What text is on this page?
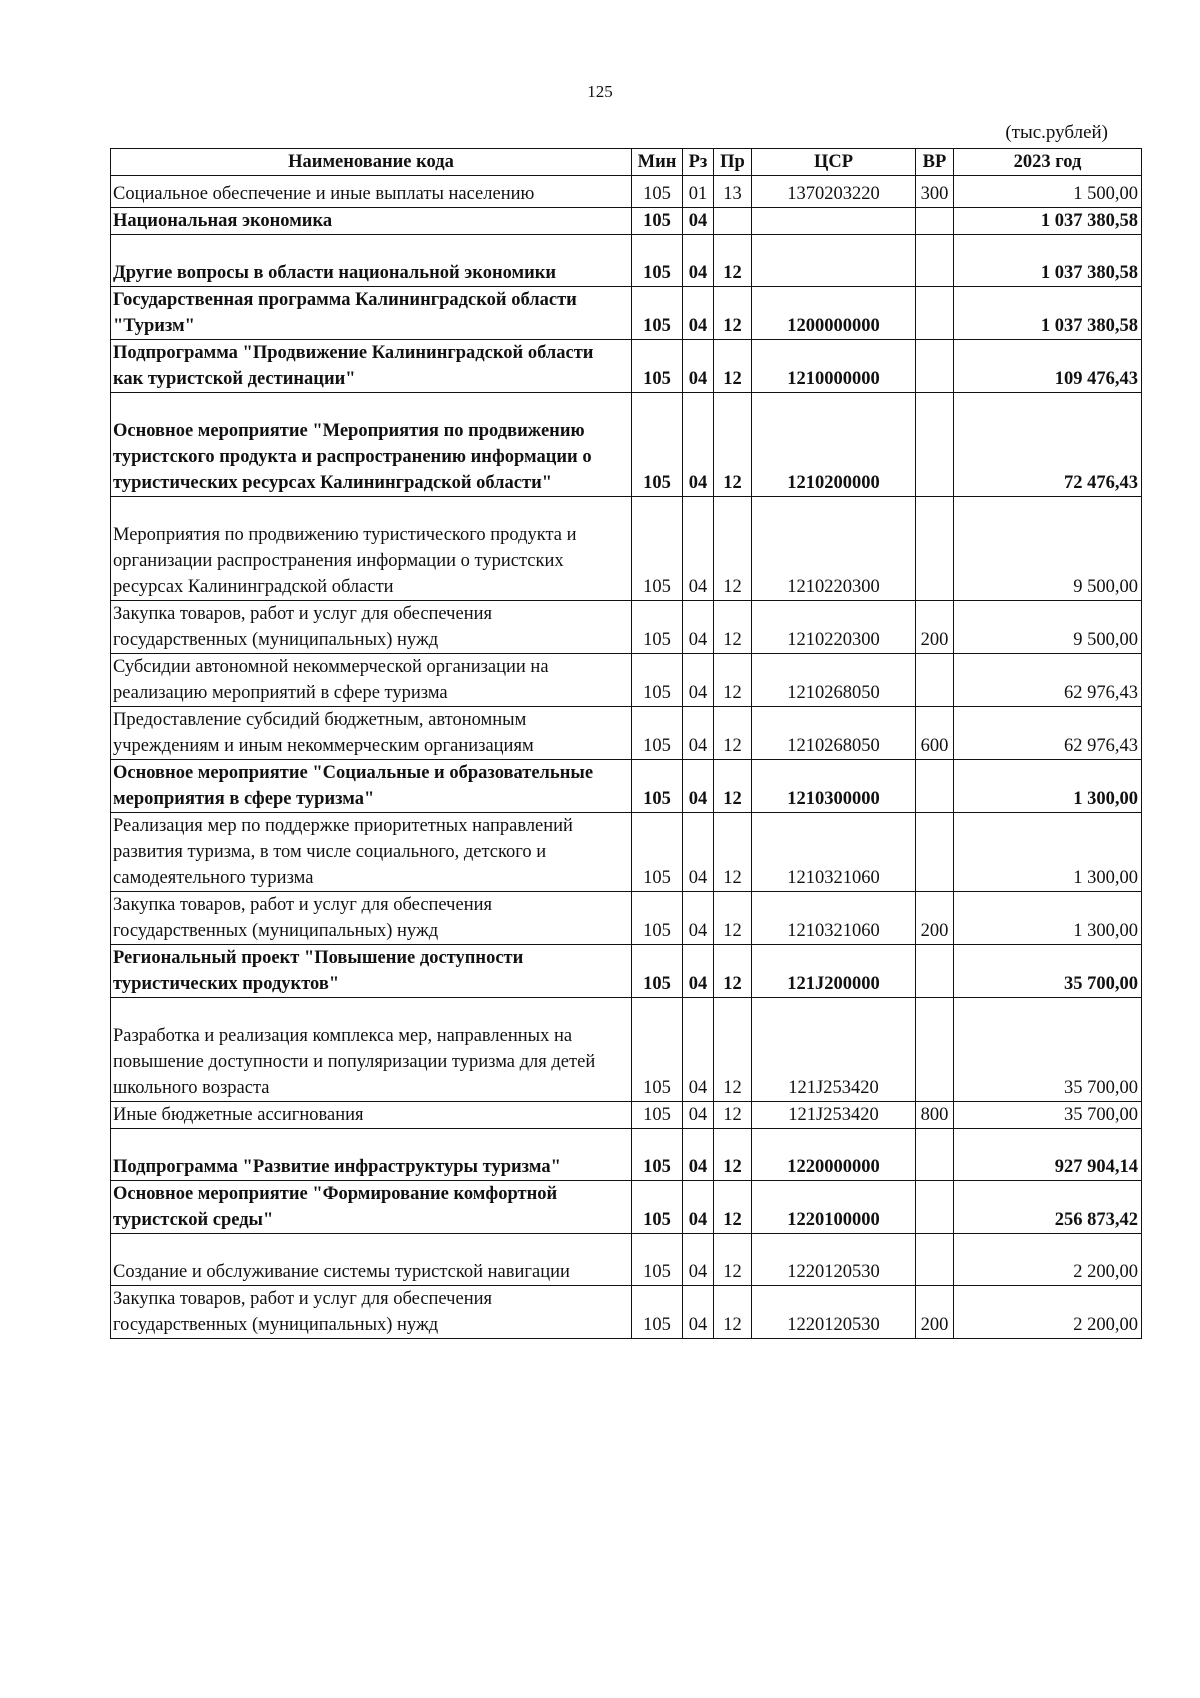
125
(тыс.рублей)
Наименование кода	Мин	Рз	Пр	ЦСР	ВР	2023 год
Социальное обеспечение и иные выплаты населению	105	01	13	1370203220	300	1 500,00
Национальная экономика	105	04				1 037 380,58
Другие вопросы в области национальной экономики	105	04	12			1 037 380,58
Государственная программа Калининградской области "Туризм"	105	04	12	1200000000		1 037 380,58
Подпрограмма "Продвижение Калининградской области как туристской дестинации"	105	04	12	1210000000		109 476,43
Основное мероприятие "Мероприятия по продвижению туристского продукта и распространению информации о туристических ресурсах Калининградской области"	105	04	12	1210200000		72 476,43
Мероприятия по продвижению туристического продукта и организации распространения информации о туристских ресурсах Калининградской области	105	04	12	1210220300		9 500,00
Закупка товаров, работ и услуг для обеспечения государственных (муниципальных) нужд	105	04	12	1210220300	200	9 500,00
Субсидии автономной некоммерческой организации на реализацию мероприятий в сфере туризма	105	04	12	1210268050		62 976,43
Предоставление субсидий бюджетным, автономным учреждениям и иным некоммерческим организациям	105	04	12	1210268050	600	62 976,43
Основное мероприятие "Социальные и образовательные мероприятия в сфере туризма"	105	04	12	1210300000		1 300,00
Реализация мер по поддержке приоритетных направлений развития туризма, в том числе социального, детского и самодеятельного туризма	105	04	12	1210321060		1 300,00
Закупка товаров, работ и услуг для обеспечения государственных (муниципальных) нужд	105	04	12	1210321060	200	1 300,00
Региональный проект "Повышение доступности туристических продуктов"	105	04	12	121J200000		35 700,00
Разработка и реализация комплекса мер, направленных на повышение доступности и популяризации туризма для детей школьного возраста	105	04	12	121J253420		35 700,00
Иные бюджетные ассигнования	105	04	12	121J253420	800	35 700,00
Подпрограмма "Развитие инфраструктуры туризма"	105	04	12	1220000000		927 904,14
Основное мероприятие "Формирование комфортной туристской среды"	105	04	12	1220100000		256 873,42
Создание и обслуживание системы туристской навигации	105	04	12	1220120530		2 200,00
Закупка товаров, работ и услуг для обеспечения государственных (муниципальных) нужд	105	04	12	1220120530	200	2 200,00
